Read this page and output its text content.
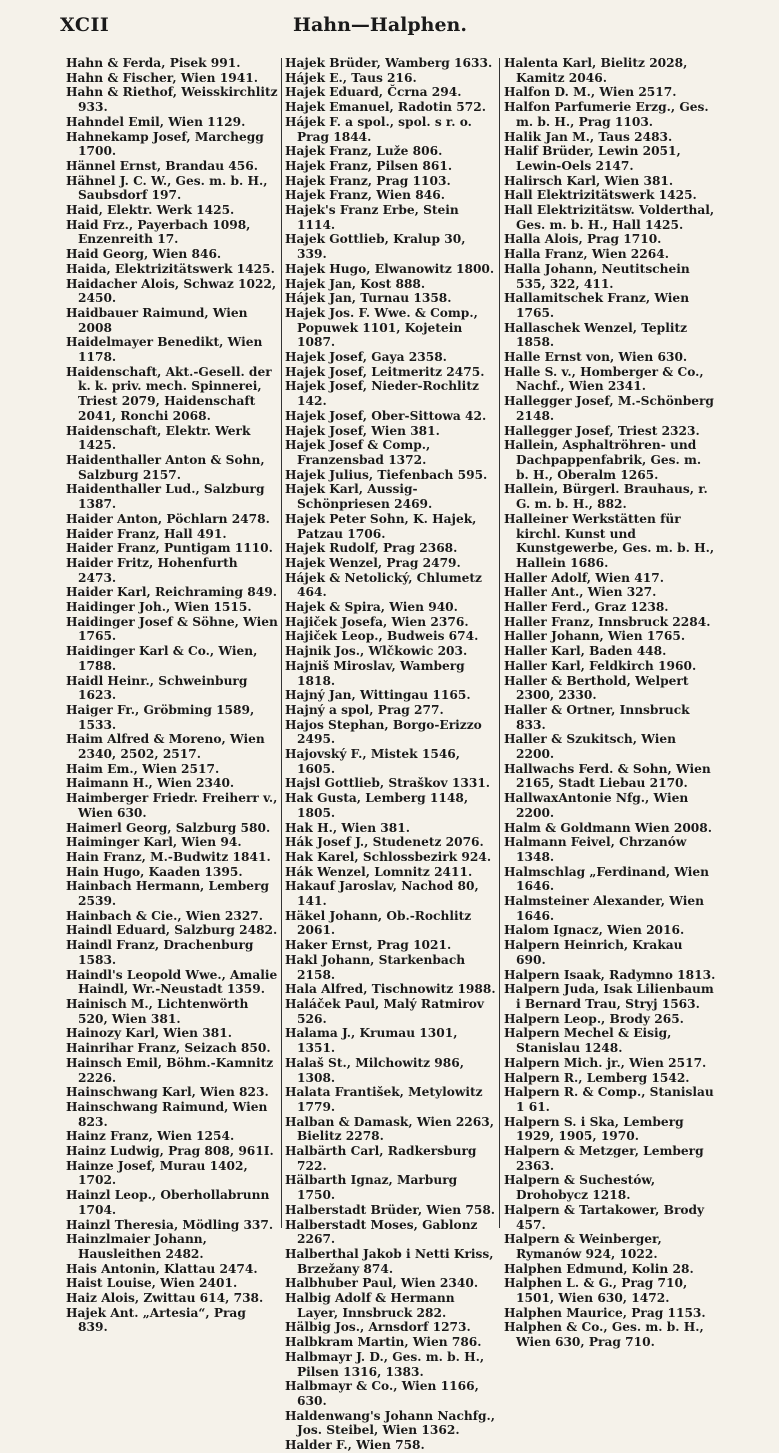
XCII	Hahn—Halphen.

Hahn & Ferda, Pisek 991.

Hahn & Fischer, Wien 1941.

Hahn & Riethof, Weisskirchlitz 933.

Hahndel Emil, Wien 1129.

Hahnekamp Josef, Marchegg 1700.

Hännel Ernst, Brandau 456.

Hähnel J. C. W., Ges. m. b. H., Saubsdorf 197.

Haid, Elektr. Werk 1425.

Haid Frz., Payerbach 1098, Enzenreith 17.

Haid Georg, Wien 846.

Haida, Elektrizitätswerk 1425.

Haidacher Alois, Schwaz 1022, 2450.

Haidbauer Raimund, Wien 2008

Haidelmayer Benedikt, Wien 1178.

Haidenschaft, Akt.-Gesell. der k. k. priv. mech. Spinnerei, Triest 2079, Haidenschaft 2041, Ronchi 2068.

Haidenschaft, Elektr. Werk 1425.

Haidenthaller Anton & Sohn, Salzburg 2157.

Haidenthaller Lud., Salzburg 1387.

Haider Anton, Pöchlarn 2478.

Haider Franz, Hall 491.

Haider Franz, Puntigam 1110.

Haider Fritz, Hohenfurth 2473.

Haider Karl, Reichraming 849.

Haidinger Joh., Wien 1515.

Haidinger Josef & Söhne, Wien 1765.

Haidinger Karl & Co., Wien, 1788.

Haidl Heinr., Schweinburg 1623.

Haiger Fr., Gröbming 1589, 1533.

Haim Alfred & Moreno, Wien 2340, 2502, 2517.

Haim Em., Wien 2517.

Haimann H., Wien 2340.

Haimberger Friedr. Freiherr v., Wien 630.

Haimerl Georg, Salzburg 580.

Haiminger Karl, Wien 94.

Hain Franz, M.-Budwitz 1841.

Hain Hugo, Kaaden 1395.

Hainbach Hermann, Lemberg 2539.

Hainbach & Cie., Wien 2327.

Haindl Eduard, Salzburg 2482.

Haindl Franz, Drachenburg 1583.

Haindl's Leopold Wwe., Amalie Haindl, Wr.-Neustadt 1359.

Hainisch M., Lichtenwörth 520, Wien 381.

Hainozy Karl, Wien 381.

Hainrihar Franz, Seizach 850.

Hainsch Emil, Böhm.-Kamnitz 2226.

Hainschwang Karl, Wien 823.

Hainschwang Raimund, Wien 823.

Hainz Franz, Wien 1254.

Hainz Ludwig, Prag 808, 961I.

Hainze Josef, Murau 1402, 1702.

Hainzl Leop., Oberhollabrunn 1704.

Hainzl Theresia, Mödling 337.

Hainzlmaier Johann, Hausleithen 2482.

Hais Antonin, Klattau 2474.

Haist Louise, Wien 2401.

Haiz Alois, Zwittau 614, 738.

Hajek Ant. „Artesia“, Prag 839.

Hajek Brüder, Wamberg 1633.

Hájek E., Taus 216.

Hajek Eduard, Čcrna 294.

Hajek Emanuel, Radotin 572.

Hájek F. a spol., spol. s r. o. Prag 1844.

Hajek Franz, Luže 806.

Hajek Franz, Pilsen 861.

Hajek Franz, Prag 1103.

Hajek Franz, Wien 846.

Hajek's Franz Erbe, Stein 1114.

Hajek Gottlieb, Kralup 30, 339.

Hajek Hugo, Elwanowitz 1800.

Hajek Jan, Kost 888.

Hájek Jan, Turnau 1358.

Hajek Jos. F. Wwe. & Comp., Popuwek 1101, Kojetein 1087.

Hajek Josef, Gaya 2358.

Hajek Josef, Leitmeritz 2475.

Hajek Josef, Nieder-Rochlitz 142.

Hajek Josef, Ober-Sittowa 42.

Hajek Josef, Wien 381.

Hajek Josef & Comp., Franzensbad 1372.

Hajek Julius, Tiefenbach 595.

Hajek Karl, Aussig-Schönpriesen 2469.

Hajek Peter Sohn, K. Hajek, Patzau 1706.

Hajek Rudolf, Prag 2368.

Hajek Wenzel, Prag 2479.

Hájek & Netolický, Chlumetz 464.

Hajek & Spira, Wien 940.

Hajiček Josefa, Wien 2376.

Hajiček Leop., Budweis 674.

Hajnik Jos., Wlčkowic 203.

Hajniš Miroslav, Wamberg 1818.

Hajný Jan, Wittingau 1165.

Hajný a spol, Prag 277.

Hajos Stephan, Borgo-Erizzo 2495.

Hajovský F., Mistek 1546, 1605.

Hajsl Gottlieb, Straškov 1331.

Hak Gusta, Lemberg 1148, 1805.

Hak H., Wien 381.

Hák Josef J., Studenetz 2076.

Hak Karel, Schlossbezirk 924.

Hák Wenzel, Lomnitz 2411.

Hakauf Jaroslav, Nachod 80, 141.

Häkel Johann, Ob.-Rochlitz 2061.

Haker Ernst, Prag 1021.

Hakl Johann, Starkenbach 2158.

Hala Alfred, Tischnowitz 1988.

Haláček Paul, Malý Ratmirov 526.

Halama J., Krumau 1301, 1351.

Halaš St., Milchowitz 986, 1308.

Halata František, Metylowitz 1779.

Halban & Damask, Wien 2263, Bielitz 2278.

Halbärth Carl, Radkersburg 722.

Hälbarth Ignaz, Marburg 1750.

Halberstadt Brüder, Wien 758.

Halberstadt Moses, Gablonz 2267.

Halberthal Jakob i Netti Kriss, Brzežany 874.

Halbhuber Paul, Wien 2340.

Halbig Adolf & Hermann Layer, Innsbruck 282.

Hälbig Jos., Arnsdorf 1273.

Halbkram Martin, Wien 786.

Halbmayr J. D., Ges. m. b. H., Pilsen 1316, 1383.

Halbmayr & Co., Wien 1166, 630.

Haldenwang's Johann Nachfg., Jos. Steibel, Wien 1362.

Halder F., Wien 758.

Halenta Karl, Bielitz 2028, Kamitz 2046.

Halfon D. M., Wien 2517.

Halfon Parfumerie Erzg., Ges. m. b. H., Prag 1103.

Halik Jan M., Taus 2483.

Halif Brüder, Lewin 2051, Lewin-Oels 2147.

Halirsch Karl, Wien 381.

Hall Elektrizitätswerk 1425.

Hall Elektrizitätsw. Volderthal, Ges. m. b. H., Hall 1425.

Halla Alois, Prag 1710.

Halla Franz, Wien 2264.

Halla Johann, Neutitschein 535, 322, 411.

Hallamitschek Franz, Wien 1765.

Hallaschek Wenzel, Teplitz 1858.

Halle Ernst von, Wien 630.

Halle S. v., Homberger & Co., Nachf., Wien 2341.

Hallegger Josef, M.-Schönberg 2148.

Hallegger Josef, Triest 2323.

Hallein, Asphaltröhren- und Dachpappenfabrik, Ges. m. b. H., Oberalm 1265.

Hallein, Bürgerl. Brauhaus, r. G. m. b. H., 882.

Halleiner Werkstätten für kirchl. Kunst und Kunstgewerbe, Ges. m. b. H., Hallein 1686.

Haller Adolf, Wien 417.

Haller Ant., Wien 327.

Haller Ferd., Graz 1238.

Haller Franz, Innsbruck 2284.

Haller Johann, Wien 1765.

Haller Karl, Baden 448.

Haller Karl, Feldkirch 1960.

Haller & Berthold, Welpert 2300, 2330.

Haller & Ortner, Innsbruck 833.

Haller & Szukitsch, Wien 2200.

Hallwachs Ferd. & Sohn, Wien 2165, Stadt Liebau 2170.

HallwaxAntonie Nfg., Wien 2200.

Halm & Goldmann Wien 2008.

Halmann Feivel, Chrzanów 1348.

Halmschlag „Ferdinand, Wien 1646.

Halmsteiner Alexander, Wien 1646.

Halom Ignacz, Wien 2016.

Halpern Heinrich, Krakau 690.

Halpern Isaak, Radymno 1813.

Halpern Juda, Isak Lilienbaum i Bernard Trau, Stryj 1563.

Halpern Leop., Brody 265.

Halpern Mechel & Eisig, Stanislau 1248.

Halpern Mich. jr., Wien 2517.

Halpern R., Lemberg 1542.

Halpern R. & Comp., Stanislau 1 61.

Halpern S. i Ska, Lemberg 1929, 1905, 1970.

Halpern & Metzger, Lemberg 2363.

Halpern & Suchestów, Drohobycz 1218.

Halpern & Tartakower, Brody 457.

Halpern & Weinberger, Rymanów 924, 1022.

Halphen Edmund, Kolin 28.

Halphen L. & G., Prag 710, 1501, Wien 630, 1472.

Halphen Maurice, Prag 1153.

Halphen & Co., Ges. m. b. H., Wien 630, Prag 710.
